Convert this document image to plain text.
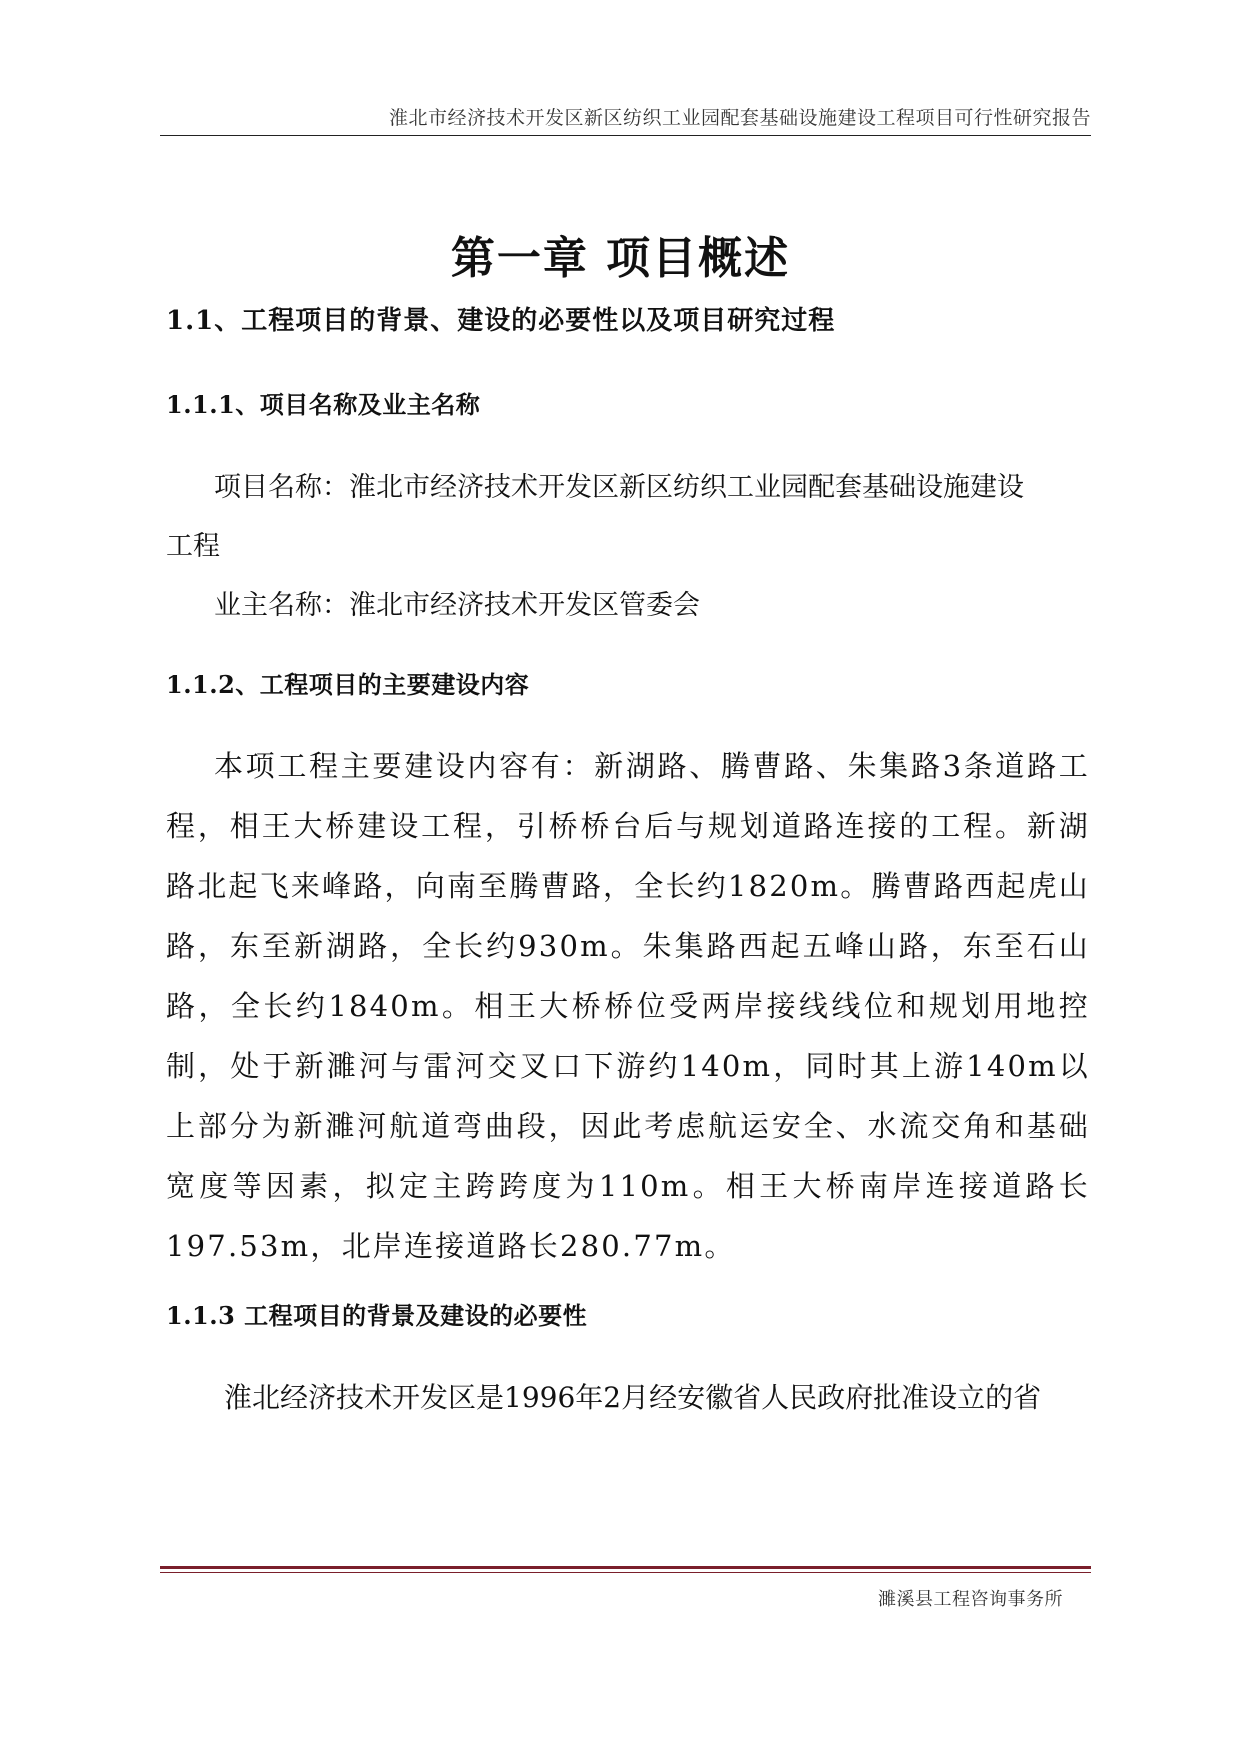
淮北市经济技术开发区新区纺织工业园配套基础设施建设工程项目可行性研究报告
第一章 项目概述
1.1、工程项目的背景、建设的必要性以及项目研究过程
1.1.1、项目名称及业主名称
项目名称：淮北市经济技术开发区新区纺织工业园配套基础设施建设
工程
业主名称：淮北市经济技术开发区管委会
1.1.2、工程项目的主要建设内容
本项工程主要建设内容有：新湖路、腾曹路、朱集路3条道路工程，相王大桥建设工程，引桥桥台后与规划道路连接的工程。新湖路北起飞来峰路，向南至腾曹路，全长约1820m。腾曹路西起虎山路，东至新湖路，全长约930m。朱集路西起五峰山路，东至石山路，全长约1840m。相王大桥桥位受两岸接线线位和规划用地控制，处于新濉河与雷河交叉口下游约140m，同时其上游140m以上部分为新濉河航道弯曲段，因此考虑航运安全、水流交角和基础宽度等因素，拟定主跨跨度为110m。相王大桥南岸连接道路长197.53m，北岸连接道路长280.77m。
1.1.3 工程项目的背景及建设的必要性
淮北经济技术开发区是1996年2月经安徽省人民政府批准设立的省
濉溪县工程咨询事务所
